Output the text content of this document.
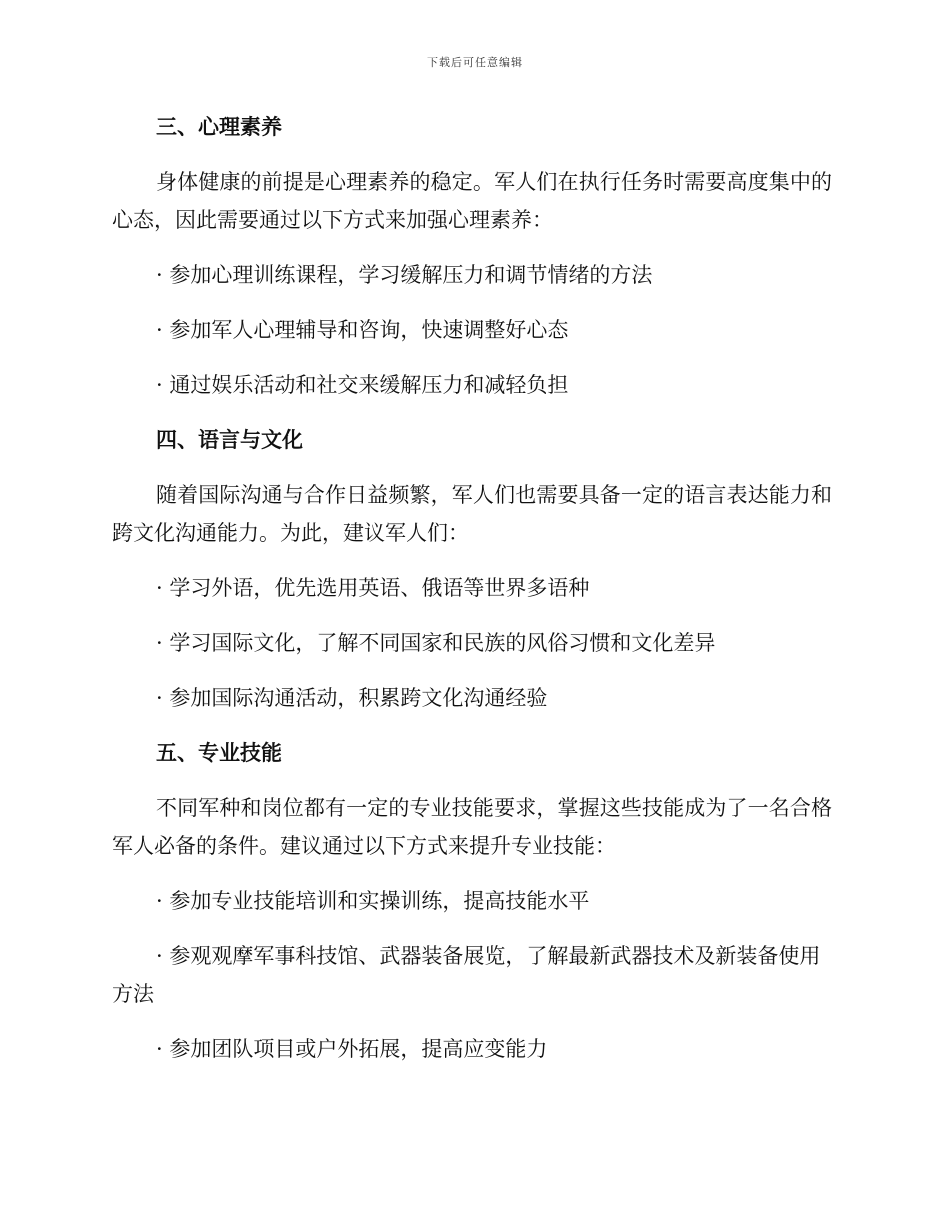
下载后可任意编辑

三、心理素养

身体健康的前提是心理素养的稳定。军人们在执行任务时需要高度集中的心态，因此需要通过以下方式来加强心理素养：

· 参加心理训练课程，学习缓解压力和调节情绪的方法

· 参加军人心理辅导和咨询，快速调整好心态

· 通过娱乐活动和社交来缓解压力和减轻负担

四、语言与文化

随着国际沟通与合作日益频繁，军人们也需要具备一定的语言表达能力和跨文化沟通能力。为此，建议军人们：

· 学习外语，优先选用英语、俄语等世界多语种

· 学习国际文化，了解不同国家和民族的风俗习惯和文化差异

· 参加国际沟通活动，积累跨文化沟通经验

五、专业技能

不同军种和岗位都有一定的专业技能要求，掌握这些技能成为了一名合格军人必备的条件。建议通过以下方式来提升专业技能：

· 参加专业技能培训和实操训练，提高技能水平

· 参观观摩军事科技馆、武器装备展览，了解最新武器技术及新装备使用方法

· 参加团队项目或户外拓展，提高应变能力
